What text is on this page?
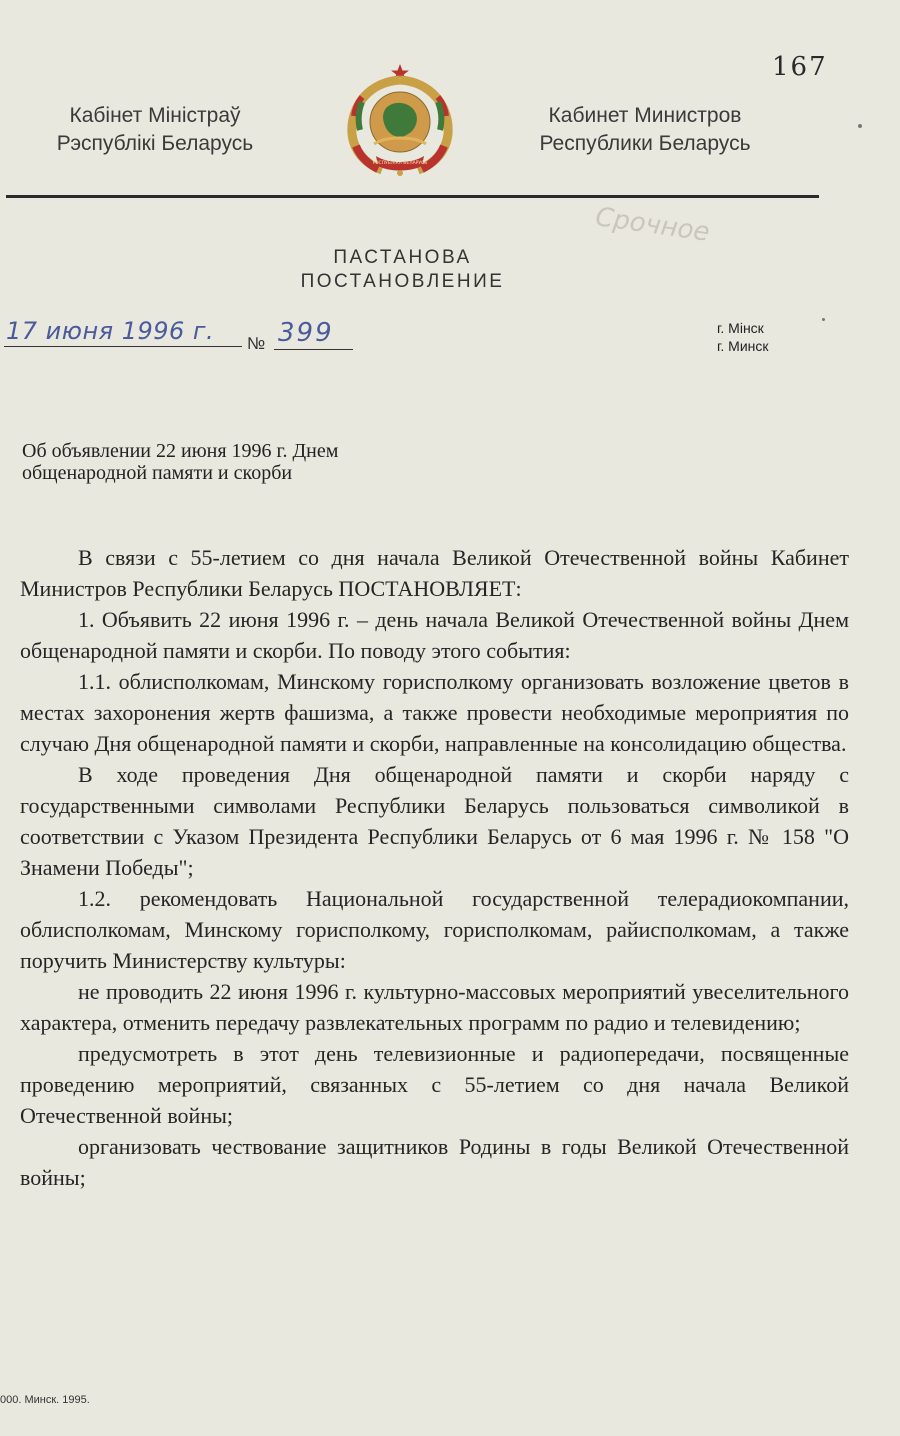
167
Кабінет Міністраў
Рэспублікі Беларусь
РЭСПУБЛІКА БЕЛАРУСЬ
Кабинет Министров
Республики Беларусь
Срочное
ПАСТАНОВА
ПОСТАНОВЛЕНИЕ
17 июня 1996 г. № 399	г. Мінск
г. Минск
Об объявлении 22 июня 1996 г. Днем
общенародной памяти и скорби

В связи с 55-летием со дня начала Великой Отечественной войны Кабинет Министров Республики Беларусь ПОСТАНОВЛЯЕТ:

1. Объявить 22 июня 1996 г. – день начала Великой Отечественной войны Днем общенародной памяти и скорби. По поводу этого события:

1.1. облисполкомам, Минскому горисполкому организовать возложение цветов в местах захоронения жертв фашизма, а также провести необходимые мероприятия по случаю Дня общенародной памяти и скорби, направленные на консолидацию общества.

В ходе проведения Дня общенародной памяти и скорби наряду с государственными символами Республики Беларусь пользоваться символикой в соответствии с Указом Президента Республики Беларусь от 6 мая 1996 г. № 158 "О Знамени Победы";

1.2. рекомендовать Национальной государственной телерадиокомпании, облисполкомам, Минскому горисполкому, горисполкомам, райисполкомам, а также поручить Министерству культуры:

не проводить 22 июня 1996 г. культурно-массовых мероприятий увеселительного характера, отменить передачу развлекательных программ по радио и телевидению;

предусмотреть в этот день телевизионные и радиопередачи, посвященные проведению мероприятий, связанных с 55-летием со дня начала Великой Отечественной войны;

организовать чествование защитников Родины в годы Великой Отечественной войны;

000. Минск. 1995.
